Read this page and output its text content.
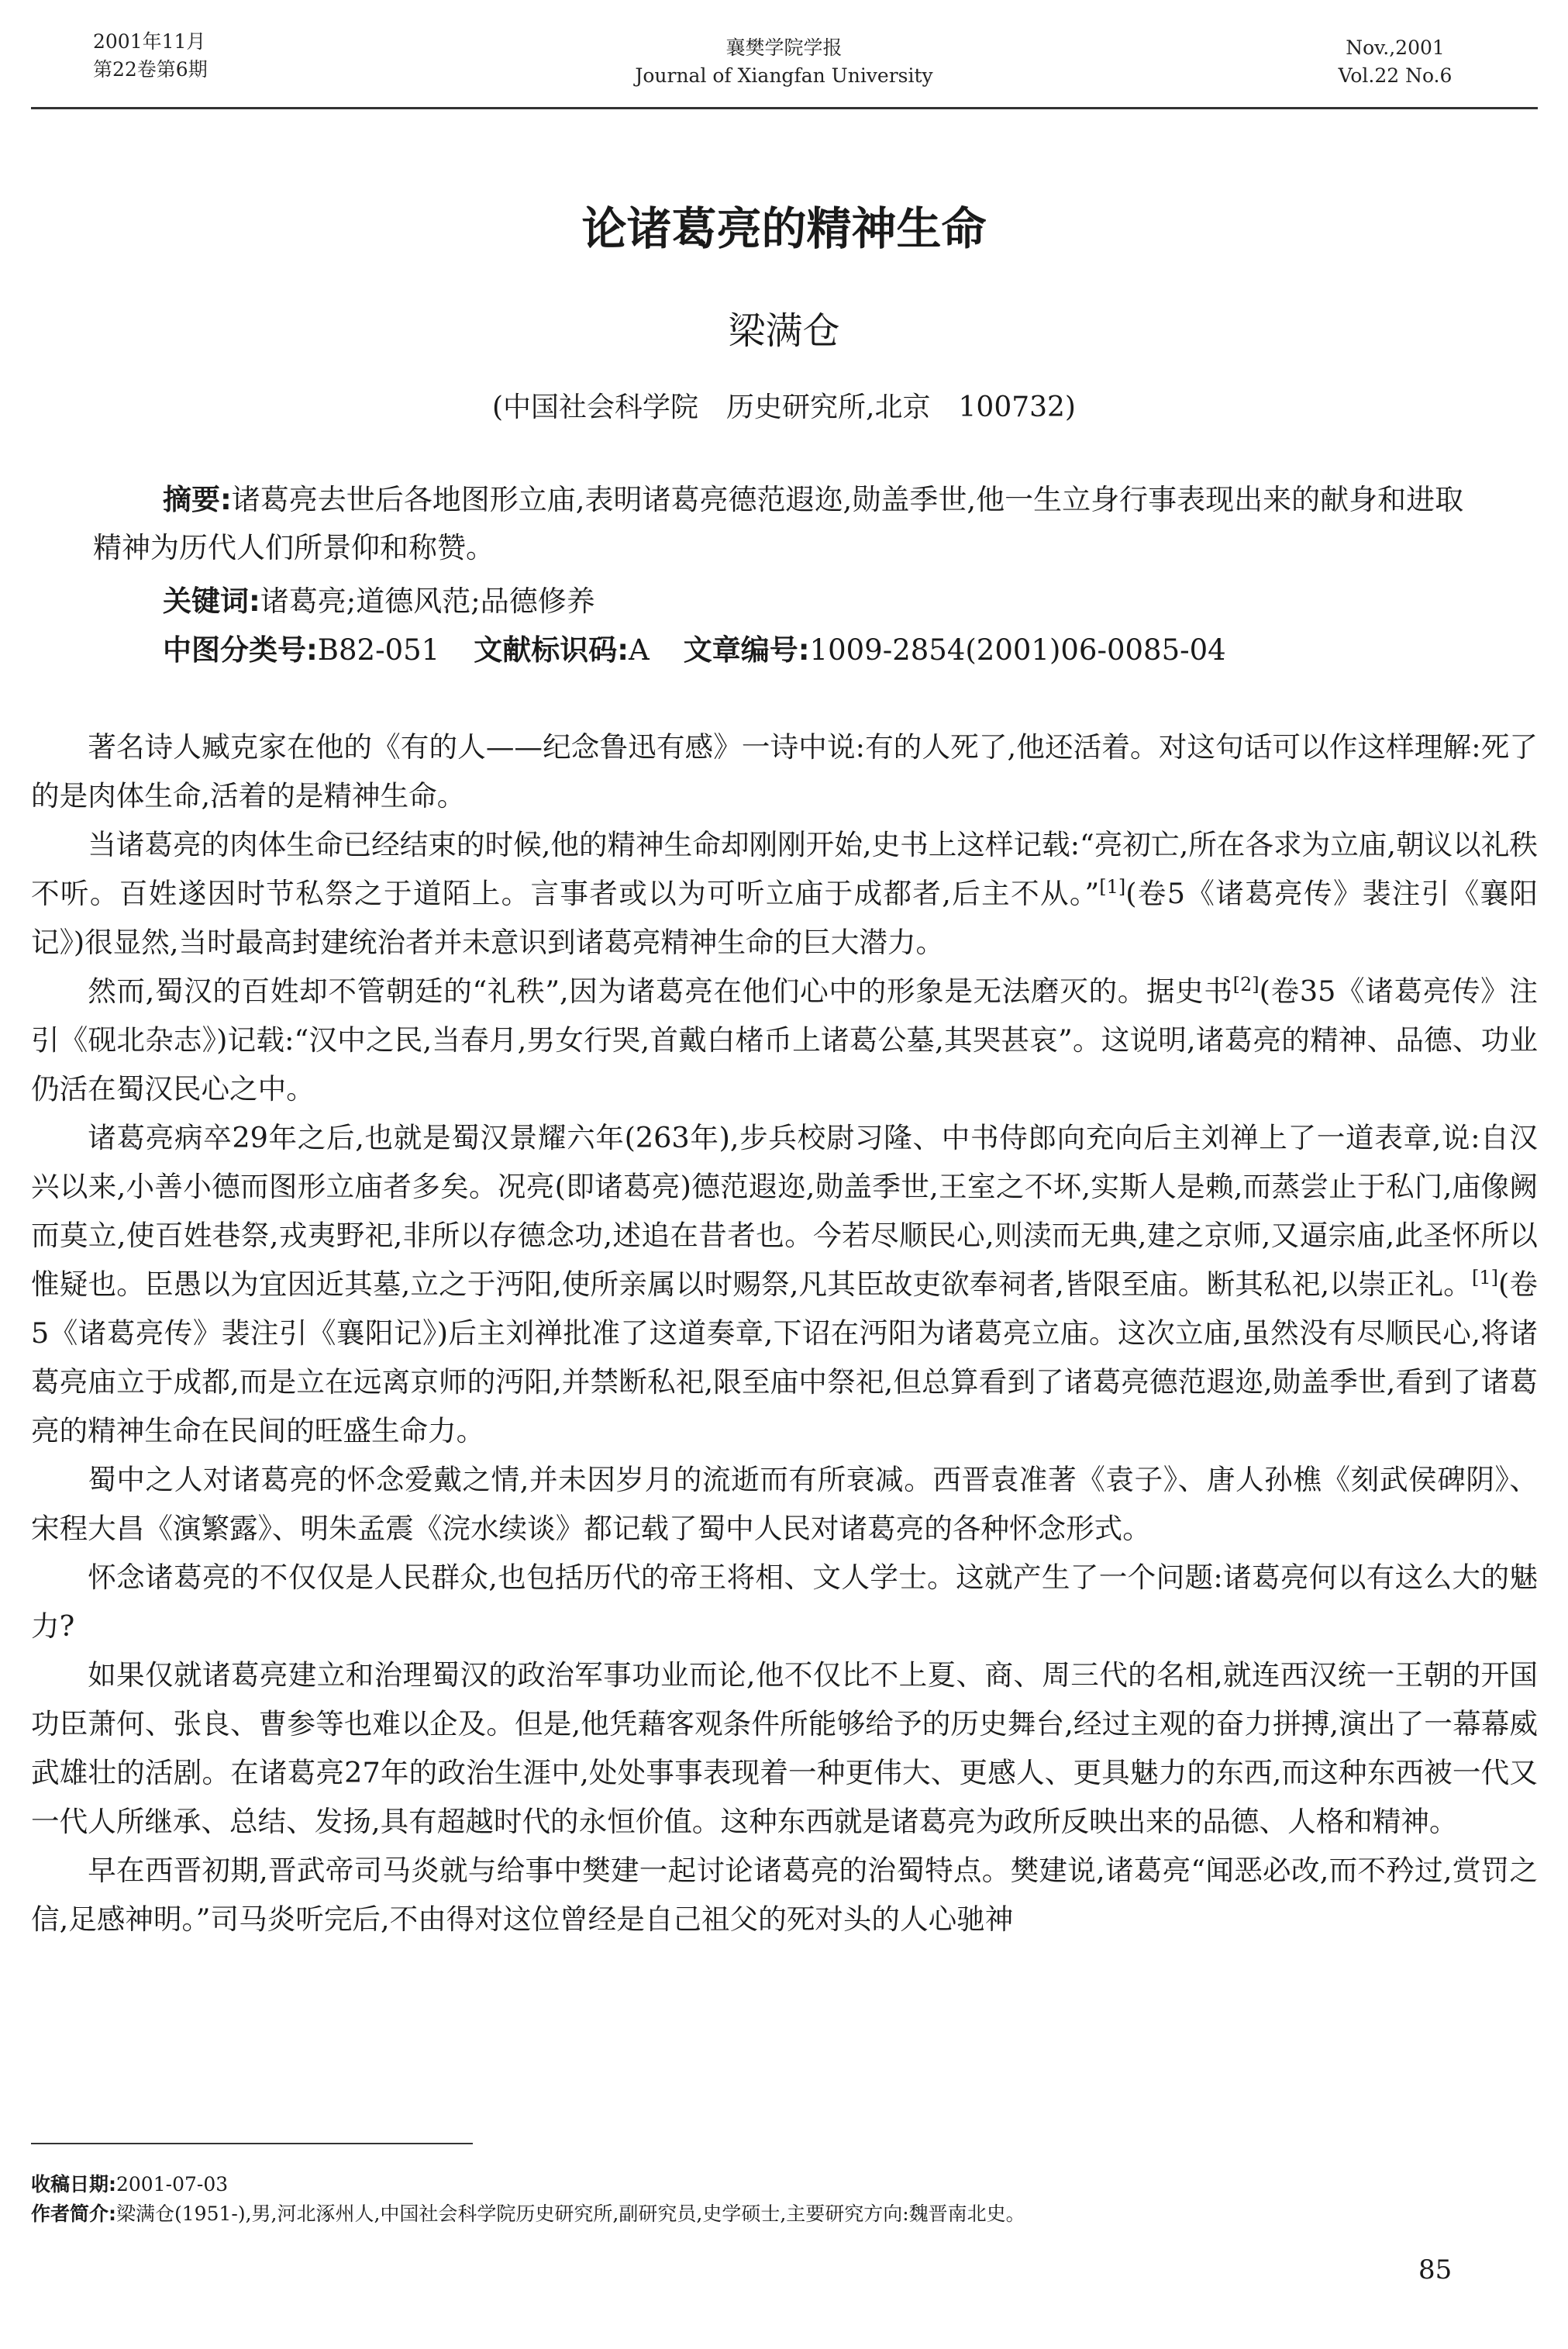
2001年11月
第22卷第6期
襄樊学院学报
Journal of Xiangfan University
Nov.,2001
Vol.22 No.6
论诸葛亮的精神生命
梁满仓
(中国社会科学院　历史研究所,北京　100732)
摘要:诸葛亮去世后各地图形立庙,表明诸葛亮德范遐迩,勋盖季世,他一生立身行事表现出来的献身和进取精神为历代人们所景仰和称赞。
关键词:诸葛亮;道德风范;品德修养
中图分类号:B82-051 文献标识码:A 文章编号:1009-2854(2001)06-0085-04

著名诗人臧克家在他的《有的人——纪念鲁迅有感》一诗中说:有的人死了,他还活着。对这句话可以作这样理解:死了的是肉体生命,活着的是精神生命。

当诸葛亮的肉体生命已经结束的时候,他的精神生命却刚刚开始,史书上这样记载:“亮初亡,所在各求为立庙,朝议以礼秩不听。百姓遂因时节私祭之于道陌上。言事者或以为可听立庙于成都者,后主不从。”[1](卷5《诸葛亮传》裴注引《襄阳记》)很显然,当时最高封建统治者并未意识到诸葛亮精神生命的巨大潜力。

然而,蜀汉的百姓却不管朝廷的“礼秩”,因为诸葛亮在他们心中的形象是无法磨灭的。据史书[2](卷35《诸葛亮传》注引《砚北杂志》)记载:“汉中之民,当春月,男女行哭,首戴白楮币上诸葛公墓,其哭甚哀”。这说明,诸葛亮的精神、品德、功业仍活在蜀汉民心之中。

诸葛亮病卒29年之后,也就是蜀汉景耀六年(263年),步兵校尉习隆、中书侍郎向充向后主刘禅上了一道表章,说:自汉兴以来,小善小德而图形立庙者多矣。况亮(即诸葛亮)德范遐迩,勋盖季世,王室之不坏,实斯人是赖,而蒸尝止于私门,庙像阙而莫立,使百姓巷祭,戎夷野祀,非所以存德念功,述追在昔者也。今若尽顺民心,则渎而无典,建之京师,又逼宗庙,此圣怀所以惟疑也。臣愚以为宜因近其墓,立之于沔阳,使所亲属以时赐祭,凡其臣故吏欲奉祠者,皆限至庙。断其私祀,以崇正礼。[1](卷5《诸葛亮传》裴注引《襄阳记》)后主刘禅批准了这道奏章,下诏在沔阳为诸葛亮立庙。这次立庙,虽然没有尽顺民心,将诸葛亮庙立于成都,而是立在远离京师的沔阳,并禁断私祀,限至庙中祭祀,但总算看到了诸葛亮德范遐迩,勋盖季世,看到了诸葛亮的精神生命在民间的旺盛生命力。

蜀中之人对诸葛亮的怀念爱戴之情,并未因岁月的流逝而有所衰减。西晋袁准著《袁子》、唐人孙樵《刻武侯碑阴》、宋程大昌《演繁露》、明朱孟震《浣水续谈》都记载了蜀中人民对诸葛亮的各种怀念形式。

怀念诸葛亮的不仅仅是人民群众,也包括历代的帝王将相、文人学士。这就产生了一个问题:诸葛亮何以有这么大的魅力?

如果仅就诸葛亮建立和治理蜀汉的政治军事功业而论,他不仅比不上夏、商、周三代的名相,就连西汉统一王朝的开国功臣萧何、张良、曹参等也难以企及。但是,他凭藉客观条件所能够给予的历史舞台,经过主观的奋力拼搏,演出了一幕幕威武雄壮的活剧。在诸葛亮27年的政治生涯中,处处事事表现着一种更伟大、更感人、更具魅力的东西,而这种东西被一代又一代人所继承、总结、发扬,具有超越时代的永恒价值。这种东西就是诸葛亮为政所反映出来的品德、人格和精神。

早在西晋初期,晋武帝司马炎就与给事中樊建一起讨论诸葛亮的治蜀特点。樊建说,诸葛亮“闻恶必改,而不矜过,赏罚之信,足感神明。”司马炎听完后,不由得对这位曾经是自己祖父的死对头的人心驰神

收稿日期:2001-07-03
作者简介:梁满仓(1951-),男,河北涿州人,中国社会科学院历史研究所,副研究员,史学硕士,主要研究方向:魏晋南北史。
85
